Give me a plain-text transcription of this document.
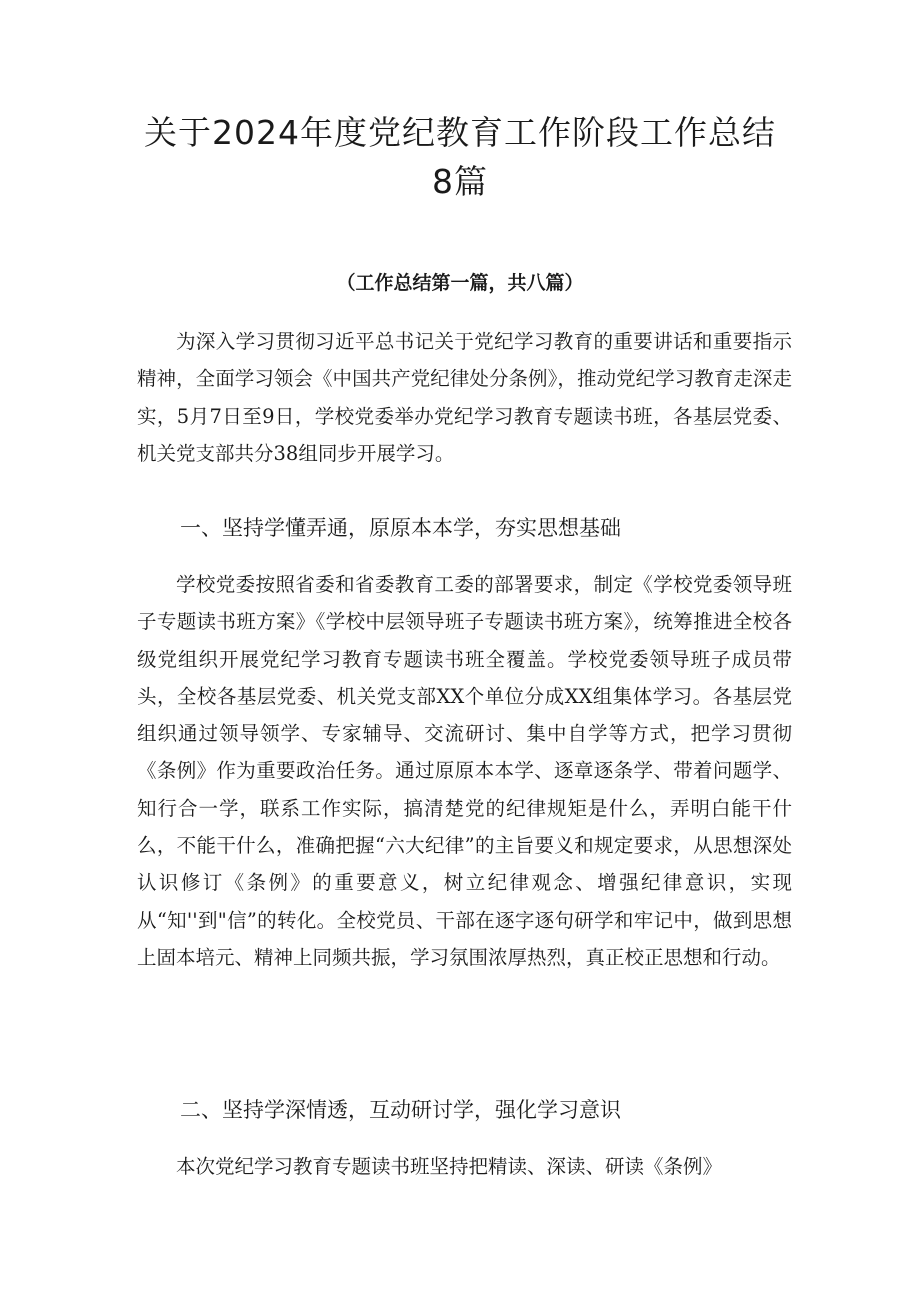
关于2024年度党纪教育工作阶段工作总结
8篇

（工作总结第一篇，共八篇）

为深入学习贯彻习近平总书记关于党纪学习教育的重要讲话和重要指示精神，全面学习领会《中国共产党纪律处分条例》，推动党纪学习教育走深走实，5月7日至9日，学校党委举办党纪学习教育专题读书班，各基层党委、机关党支部共分38组同步开展学习。

一、坚持学懂弄通，原原本本学，夯实思想基础

学校党委按照省委和省委教育工委的部署要求，制定《学校党委领导班子专题读书班方案》《学校中层领导班子专题读书班方案》，统筹推进全校各级党组织开展党纪学习教育专题读书班全覆盖。学校党委领导班子成员带头，全校各基层党委、机关党支部XX个单位分成XX组集体学习。各基层党组织通过领导领学、专家辅导、交流研讨、集中自学等方式，把学习贯彻《条例》作为重要政治任务。通过原原本本学、逐章逐条学、带着问题学、知行合一学，联系工作实际，搞清楚党的纪律规矩是什么，弄明白能干什么，不能干什么，准确把握“六大纪律”的主旨要义和规定要求，从思想深处认识修订《条例》的重要意义，树立纪律观念、增强纪律意识，实现从“知''到"信”的转化。全校党员、干部在逐字逐句研学和牢记中，做到思想上固本培元、精神上同频共振，学习氛围浓厚热烈，真正校正思想和行动。

二、坚持学深情透，互动研讨学，强化学习意识

本次党纪学习教育专题读书班坚持把精读、深读、研读《条例》
